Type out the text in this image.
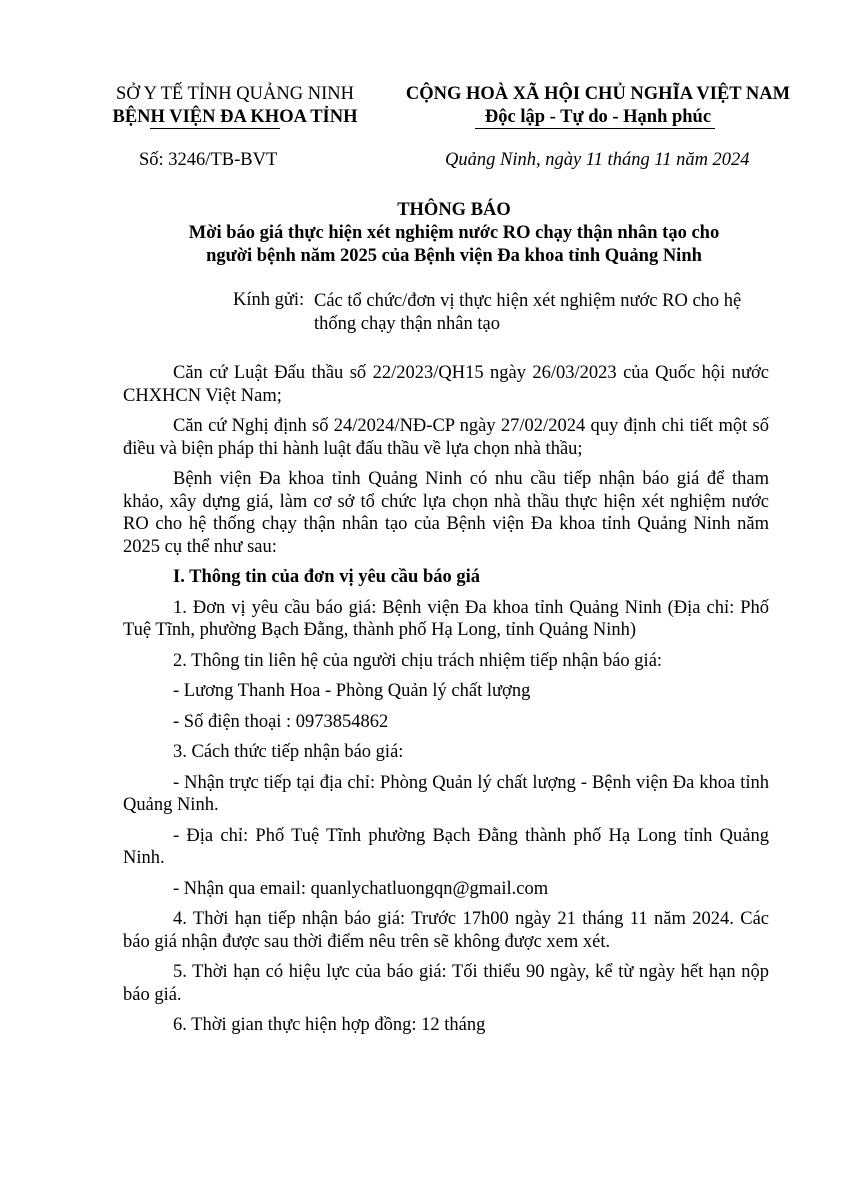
SỞ Y TẾ TỈNH QUẢNG NINH
BỆNH VIỆN ĐA KHOA TỈNH
CỘNG HOÀ XÃ HỘI CHỦ NGHĨA VIỆT NAM
Độc lập - Tự do - Hạnh phúc
Số: 3246/TB-BVT	Quảng Ninh, ngày 11 tháng 11 năm 2024
THÔNG BÁO
Mời báo giá thực hiện xét nghiệm nước RO chạy thận nhân tạo cho
người bệnh năm 2025 của Bệnh viện Đa khoa tỉnh Quảng Ninh
Kính gửi: Các tổ chức/đơn vị thực hiện xét nghiệm nước RO cho hệ thống chạy thận nhân tạo

Căn cứ Luật Đấu thầu số 22/2023/QH15 ngày 26/03/2023 của Quốc hội nước CHXHCN Việt Nam;

Căn cứ Nghị định số 24/2024/NĐ-CP ngày 27/02/2024 quy định chi tiết một số điều và biện pháp thi hành luật đấu thầu về lựa chọn nhà thầu;

Bệnh viện Đa khoa tỉnh Quảng Ninh có nhu cầu tiếp nhận báo giá để tham khảo, xây dựng giá, làm cơ sở tổ chức lựa chọn nhà thầu thực hiện xét nghiệm nước RO cho hệ thống chạy thận nhân tạo của Bệnh viện Đa khoa tỉnh Quảng Ninh năm 2025 cụ thể như sau:

I. Thông tin của đơn vị yêu cầu báo giá

1. Đơn vị yêu cầu báo giá: Bệnh viện Đa khoa tỉnh Quảng Ninh (Địa chỉ: Phố Tuệ Tĩnh, phường Bạch Đằng, thành phố Hạ Long, tỉnh Quảng Ninh)

2. Thông tin liên hệ của người chịu trách nhiệm tiếp nhận báo giá:

- Lương Thanh Hoa - Phòng Quản lý chất lượng

- Số điện thoại : 0973854862

3. Cách thức tiếp nhận báo giá:

- Nhận trực tiếp tại địa chỉ: Phòng Quản lý chất lượng - Bệnh viện Đa khoa tỉnh Quảng Ninh.

- Địa chỉ: Phố Tuệ Tĩnh phường Bạch Đằng thành phố Hạ Long tỉnh Quảng Ninh.

- Nhận qua email: quanlychatluongqn@gmail.com

4. Thời hạn tiếp nhận báo giá: Trước 17h00 ngày 21 tháng 11 năm 2024. Các báo giá nhận được sau thời điểm nêu trên sẽ không được xem xét.

5. Thời hạn có hiệu lực của báo giá: Tối thiểu 90 ngày, kể từ ngày hết hạn nộp báo giá.

6. Thời gian thực hiện hợp đồng: 12 tháng
